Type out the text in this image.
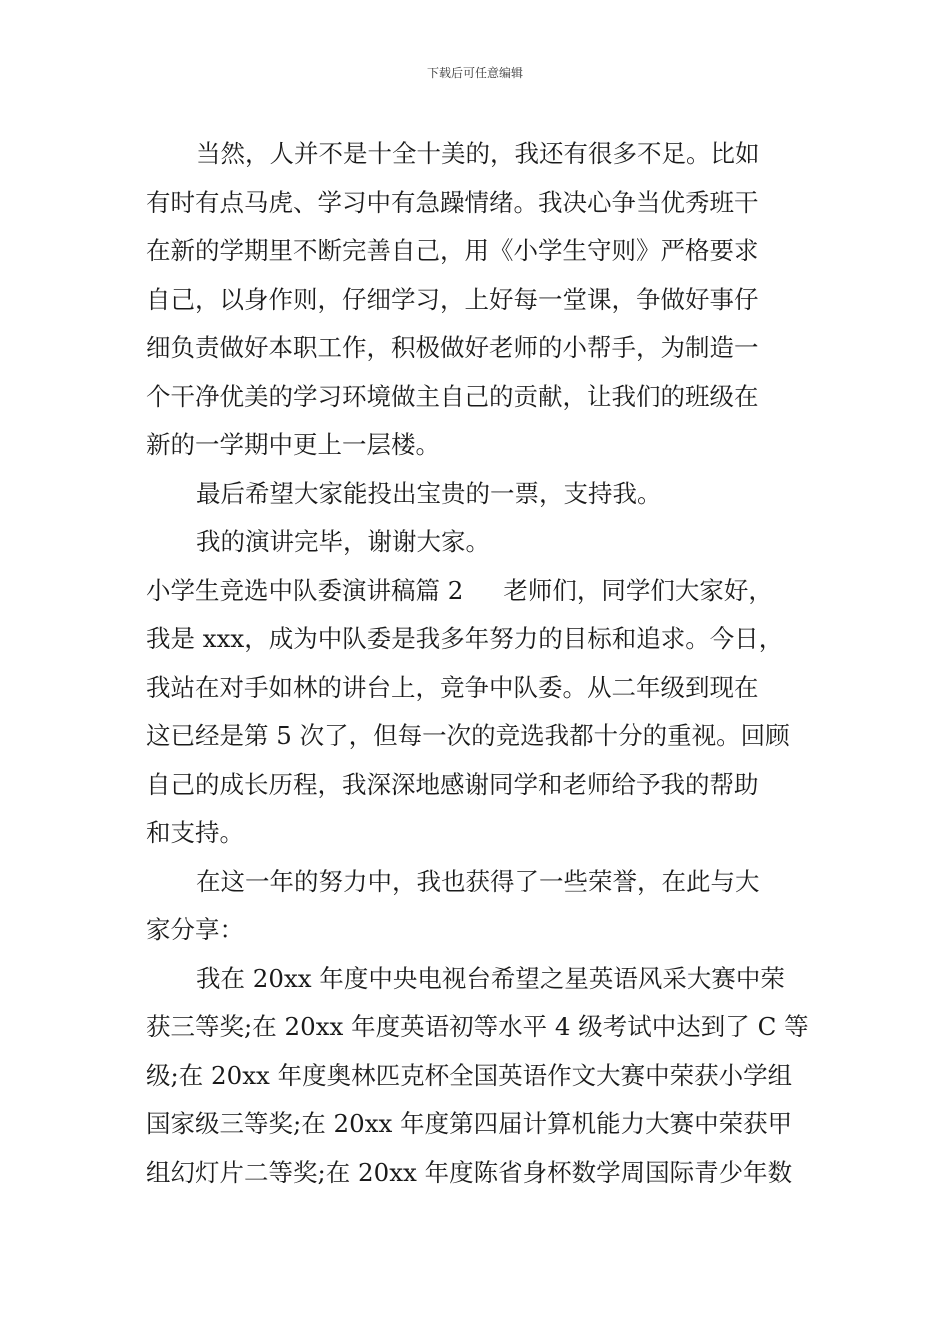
下载后可任意编辑
当然，人并不是十全十美的，我还有很多不足。比如
有时有点马虎、学习中有急躁情绪。我决心争当优秀班干
在新的学期里不断完善自己，用《小学生守则》严格要求
自己，以身作则，仔细学习，上好每一堂课，争做好事仔
细负责做好本职工作，积极做好老师的小帮手，为制造一
个干净优美的学习环境做主自己的贡献，让我们的班级在
新的一学期中更上一层楼。
最后希望大家能投出宝贵的一票，支持我。
我的演讲完毕，谢谢大家。
小学生竞选中队委演讲稿篇 2 老师们，同学们大家好，
我是 xxx，成为中队委是我多年努力的目标和追求。今日，
我站在对手如林的讲台上，竞争中队委。从二年级到现在
这已经是第 5 次了，但每一次的竞选我都十分的重视。回顾
自己的成长历程，我深深地感谢同学和老师给予我的帮助
和支持。
在这一年的努力中，我也获得了一些荣誉，在此与大
家分享：
我在 20xx 年度中央电视台希望之星英语风采大赛中荣
获三等奖;在 20xx 年度英语初等水平 4 级考试中达到了 C 等
级;在 20xx 年度奥林匹克杯全国英语作文大赛中荣获小学组
国家级三等奖;在 20xx 年度第四届计算机能力大赛中荣获甲
组幻灯片二等奖;在 20xx 年度陈省身杯数学周国际青少年数
